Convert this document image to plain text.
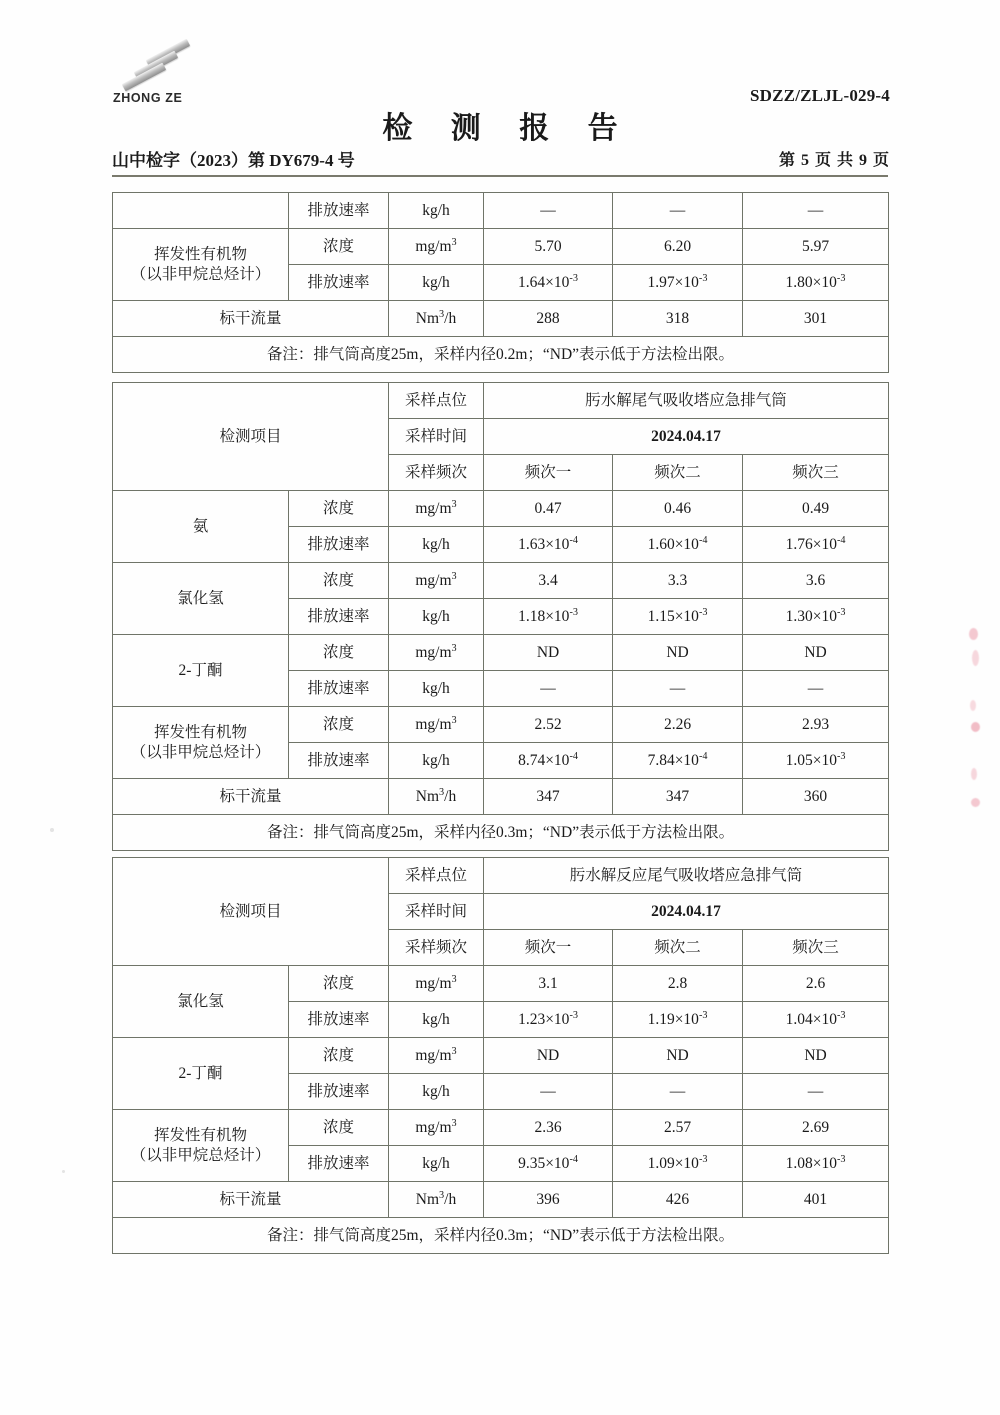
ZHONG ZE	SDZZ/ZLJL-029-4
检 测 报 告
山中检字（2023）第 DY679-4 号	第 5 页 共 9 页
	排放速率	kg/h	—	—	—
挥发性有机物
（以非甲烷总烃计）	浓度	$mg/m^3$	5.70	6.20	5.97
	排放速率	kg/h	$1.64\times 10^{-3}$	$1.97\times 10^{-3}$	$1.80\times 10^{-3}$
标干流量		Nm$^3$/h	288	318	301
备注：排气筒高度25m，采样内径0.2m；“ND”表示低于方法检出限。					
检测项目		采样点位	肟水解尾气吸收塔应急排气筒		
		采样时间	2024.04.17		
		采样频次	频次一	频次二	频次三
氨	浓度	$mg/m^3$	0.47	0.46	0.49
	排放速率	kg/h	$1.63\times 10^{-4}$	$1.60\times 10^{-4}$	$1.76\times 10^{-4}$
氯化氢	浓度	$mg/m^3$	3.4	3.3	3.6
	排放速率	kg/h	$1.18\times 10^{-3}$	$1.15\times 10^{-3}$	$1.30\times 10^{-3}$
2-丁酮	浓度	$mg/m^3$	ND	ND	ND
	排放速率	kg/h	—	—	—
挥发性有机物
（以非甲烷总烃计）	浓度	$mg/m^3$	2.52	2.26	2.93
	排放速率	kg/h	$8.74\times 10^{-4}$	$7.84\times 10^{-4}$	$1.05\times 10^{-3}$
标干流量		Nm$^3$/h	347	347	360
备注：排气筒高度25m，采样内径0.3m；“ND”表示低于方法检出限。					
检测项目		采样点位	肟水解反应尾气吸收塔应急排气筒		
		采样时间	2024.04.17		
		采样频次	频次一	频次二	频次三
氯化氢	浓度	$mg/m^3$	3.1	2.8	2.6
	排放速率	kg/h	$1.23\times 10^{-3}$	$1.19\times 10^{-3}$	$1.04\times 10^{-3}$
2-丁酮	浓度	$mg/m^3$	ND	ND	ND
	排放速率	kg/h	—	—	—
挥发性有机物
（以非甲烷总烃计）	浓度	$mg/m^3$	2.36	2.57	2.69
	排放速率	kg/h	$9.35\times 10^{-4}$	$1.09\times 10^{-3}$	$1.08\times 10^{-3}$
标干流量		Nm$^3$/h	396	426	401
备注：排气筒高度25m，采样内径0.3m；“ND”表示低于方法检出限。					
